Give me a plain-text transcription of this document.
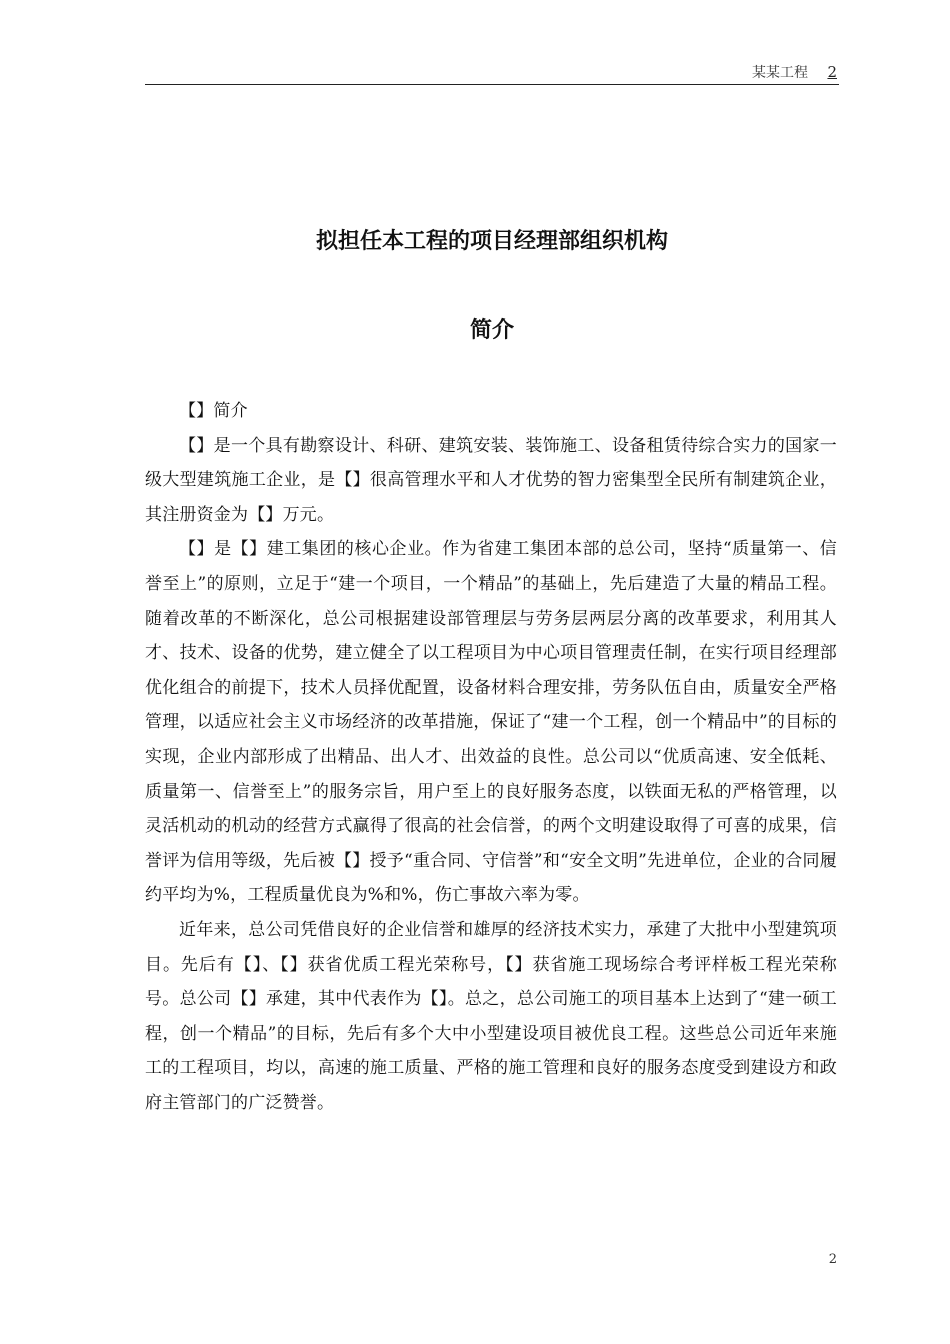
某某工程 2
拟担任本工程的项目经理部组织机构
简介

【】简介

【】是一个具有勘察设计、科研、建筑安装、装饰施工、设备租赁待综合实力的国家一级大型建筑施工企业，是【】很高管理水平和人才优势的智力密集型全民所有制建筑企业，其注册资金为【】万元。

【】是【】建工集团的核心企业。作为省建工集团本部的总公司，坚持“质量第一、信誉至上”的原则，立足于“建一个项目，一个精品”的基础上，先后建造了大量的精品工程。随着改革的不断深化，总公司根据建设部管理层与劳务层两层分离的改革要求，利用其人才、技术、设备的优势，建立健全了以工程项目为中心项目管理责任制，在实行项目经理部优化组合的前提下，技术人员择优配置，设备材料合理安排，劳务队伍自由，质量安全严格管理，以适应社会主义市场经济的改革措施，保证了“建一个工程，创一个精品中”的目标的实现，企业内部形成了出精品、出人才、出效益的良性。总公司以“优质高速、安全低耗、质量第一、信誉至上”的服务宗旨，用户至上的良好服务态度，以铁面无私的严格管理，以灵活机动的机动的经营方式赢得了很高的社会信誉，的两个文明建设取得了可喜的成果，信誉评为信用等级，先后被【】授予“重合同、守信誉”和“安全文明”先进单位，企业的合同履约平均为%，工程质量优良为%和%，伤亡事故六率为零。

近年来，总公司凭借良好的企业信誉和雄厚的经济技术实力，承建了大批中小型建筑项目。先后有【】、【】获省优质工程光荣称号，【】获省施工现场综合考评样板工程光荣称号。总公司【】承建，其中代表作为【】。总之，总公司施工的项目基本上达到了“建一硕工程，创一个精品”的目标，先后有多个大中小型建设项目被优良工程。这些总公司近年来施工的工程项目，均以，高速的施工质量、严格的施工管理和良好的服务态度受到建设方和政府主管部门的广泛赞誉。

2
